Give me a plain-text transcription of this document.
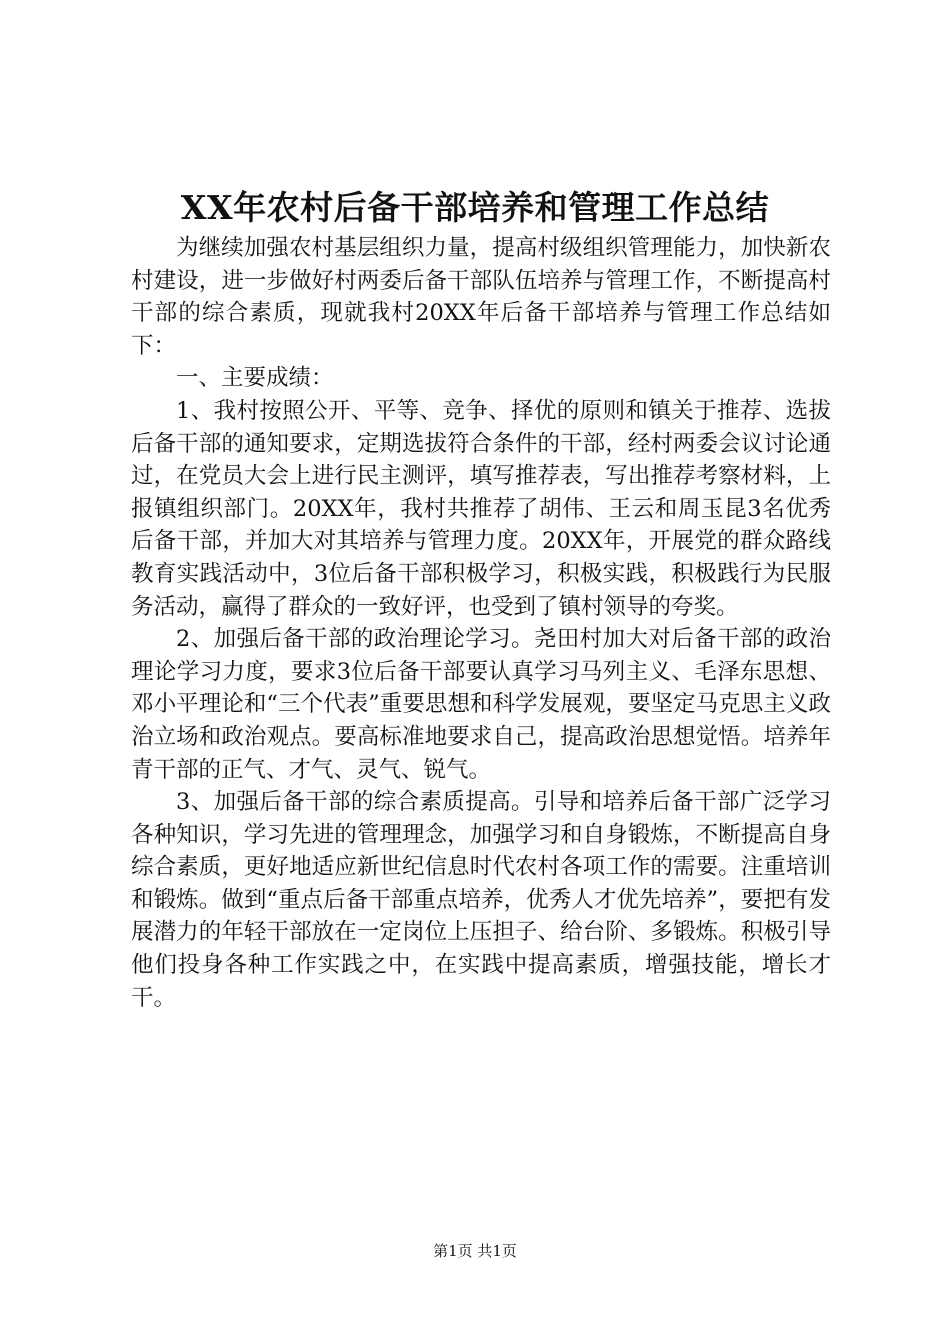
XX年农村后备干部培养和管理工作总结

为继续加强农村基层组织力量，提高村级组织管理能力，加快新农村建设，进一步做好村两委后备干部队伍培养与管理工作，不断提高村干部的综合素质，现就我村20XX年后备干部培养与管理工作总结如下：

一、主要成绩：

1、我村按照公开、平等、竞争、择优的原则和镇关于推荐、选拔后备干部的通知要求，定期选拔符合条件的干部，经村两委会议讨论通过，在党员大会上进行民主测评，填写推荐表，写出推荐考察材料，上报镇组织部门。20XX年，我村共推荐了胡伟、王云和周玉昆3名优秀后备干部，并加大对其培养与管理力度。20XX年，开展党的群众路线教育实践活动中，3位后备干部积极学习，积极实践，积极践行为民服务活动，赢得了群众的一致好评，也受到了镇村领导的夸奖。

2、加强后备干部的政治理论学习。尧田村加大对后备干部的政治理论学习力度，要求3位后备干部要认真学习马列主义、毛泽东思想、邓小平理论和“三个代表”重要思想和科学发展观，要坚定马克思主义政治立场和政治观点。要高标准地要求自己，提高政治思想觉悟。培养年青干部的正气、才气、灵气、锐气。

3、加强后备干部的综合素质提高。引导和培养后备干部广泛学习各种知识，学习先进的管理理念，加强学习和自身锻炼，不断提高自身综合素质，更好地适应新世纪信息时代农村各项工作的需要。注重培训和锻炼。做到“重点后备干部重点培养，优秀人才优先培养”，要把有发展潜力的年轻干部放在一定岗位上压担子、给台阶、多锻炼。积极引导他们投身各种工作实践之中，在实践中提高素质，增强技能，增长才干。

第1页 共1页
